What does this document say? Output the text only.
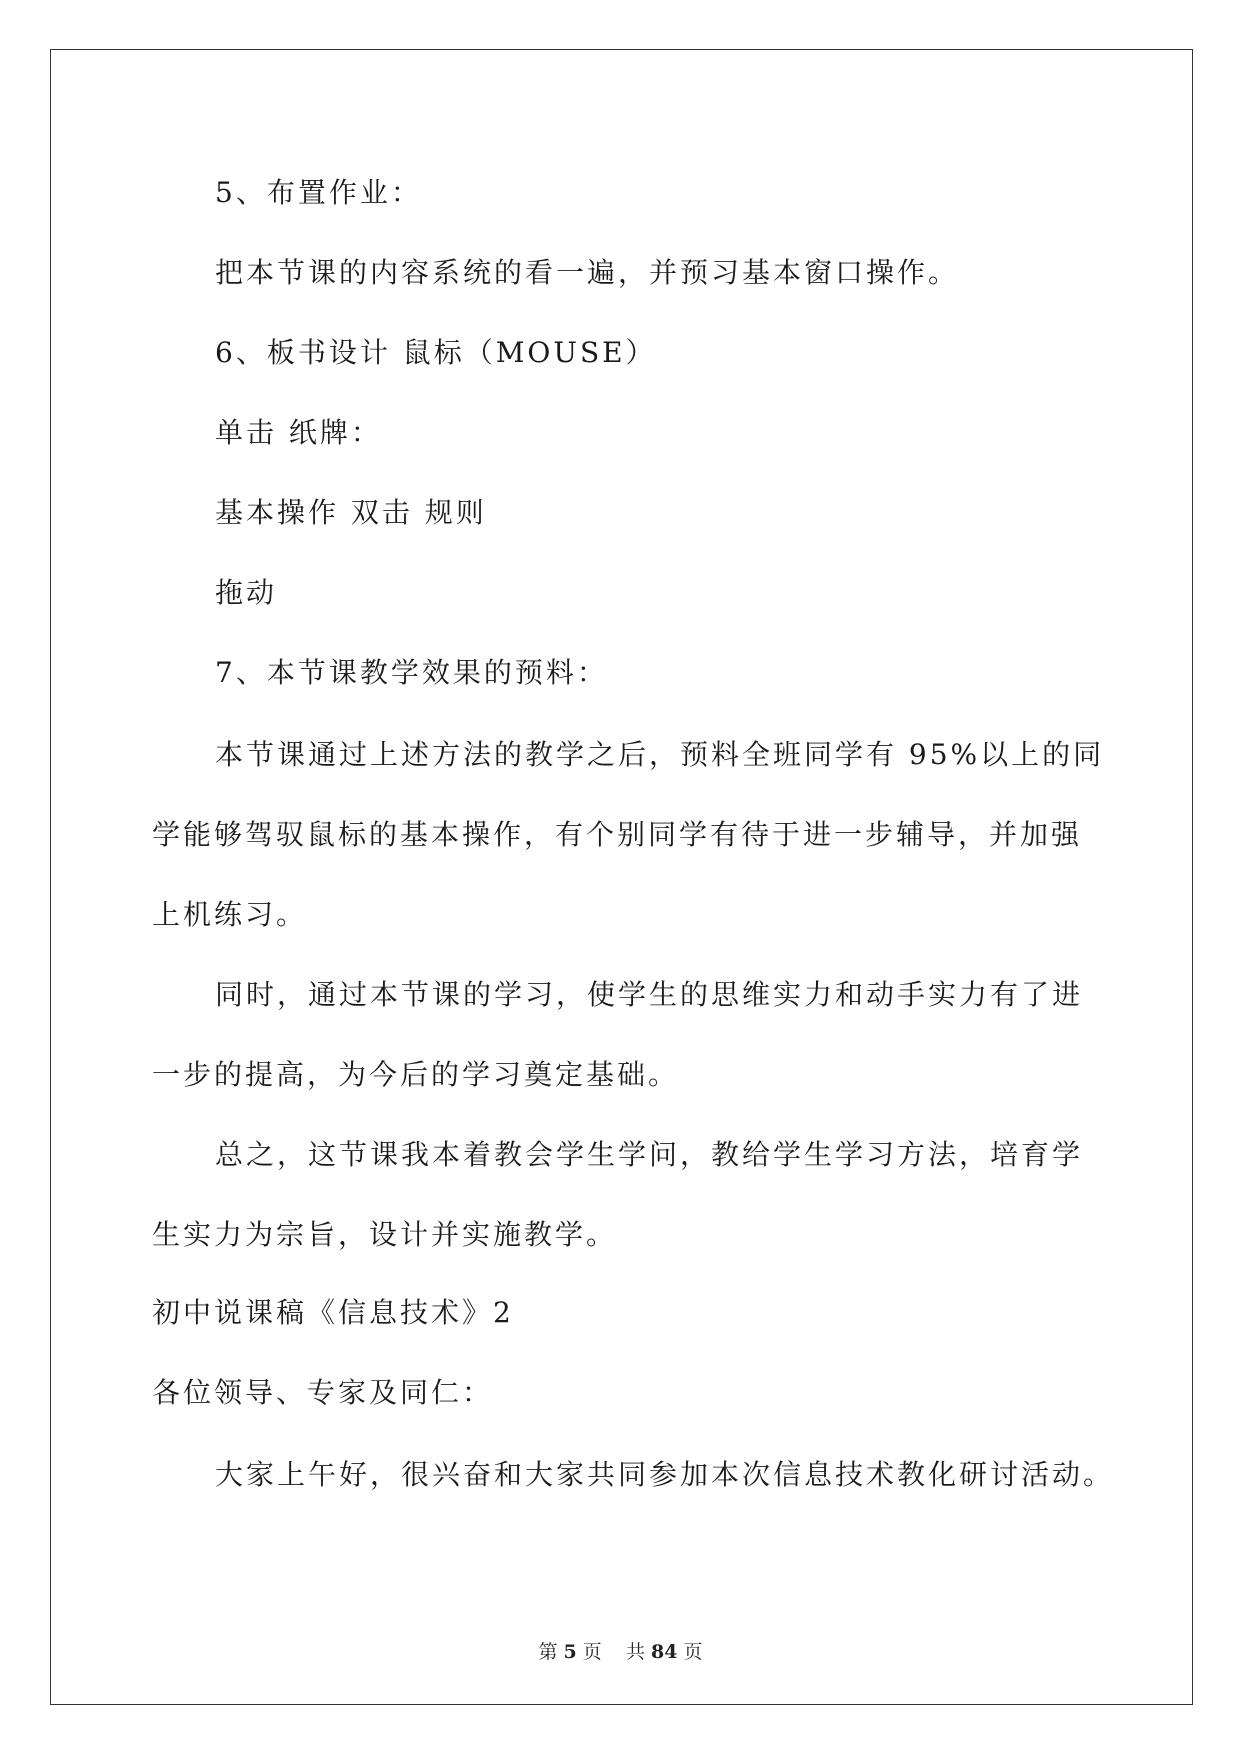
5、布置作业：
把本节课的内容系统的看一遍，并预习基本窗口操作。
6、板书设计 鼠标（MOUSE）
单击 纸牌：
基本操作 双击 规则
拖动
7、本节课教学效果的预料：
本节课通过上述方法的教学之后，预料全班同学有 95%以上的同
学能够驾驭鼠标的基本操作，有个别同学有待于进一步辅导，并加强
上机练习。
同时，通过本节课的学习，使学生的思维实力和动手实力有了进
一步的提高，为今后的学习奠定基础。
总之，这节课我本着教会学生学问，教给学生学习方法，培育学
生实力为宗旨，设计并实施教学。
初中说课稿《信息技术》2
各位领导、专家及同仁：
大家上午好，很兴奋和大家共同参加本次信息技术教化研讨活动。
第 5 页 共 84 页
